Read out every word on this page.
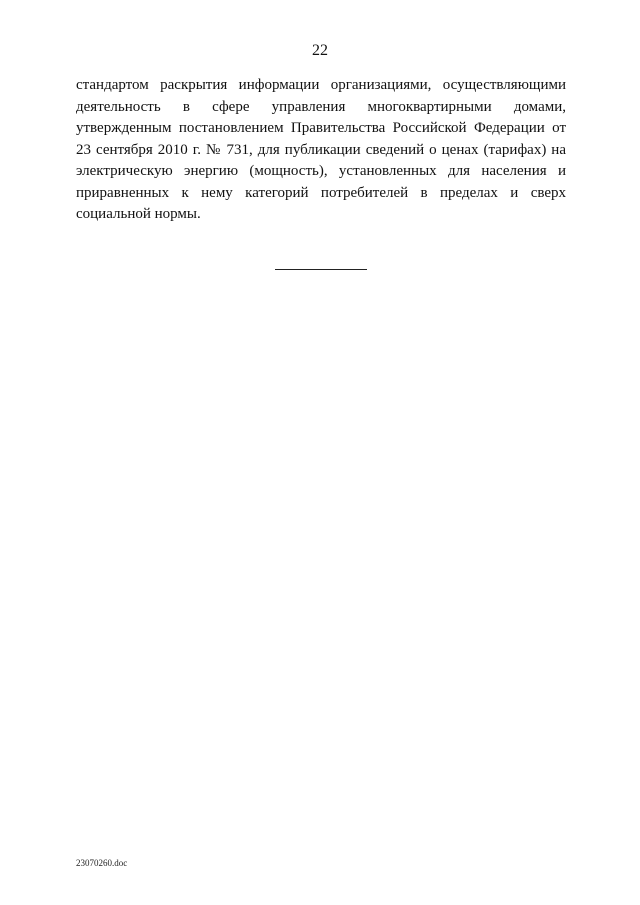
22

стандартом раскрытия информации организациями, осуществляющими
деятельность в сфере управления многоквартирными домами,
утвержденным постановлением Правительства Российской Федерации от
23 сентября 2010 г. № 731, для публикации сведений о ценах (тарифах) на
электрическую энергию (мощность), установленных для населения и
приравненных к нему категорий потребителей в пределах и сверх
социальной нормы.

23070260.doc
